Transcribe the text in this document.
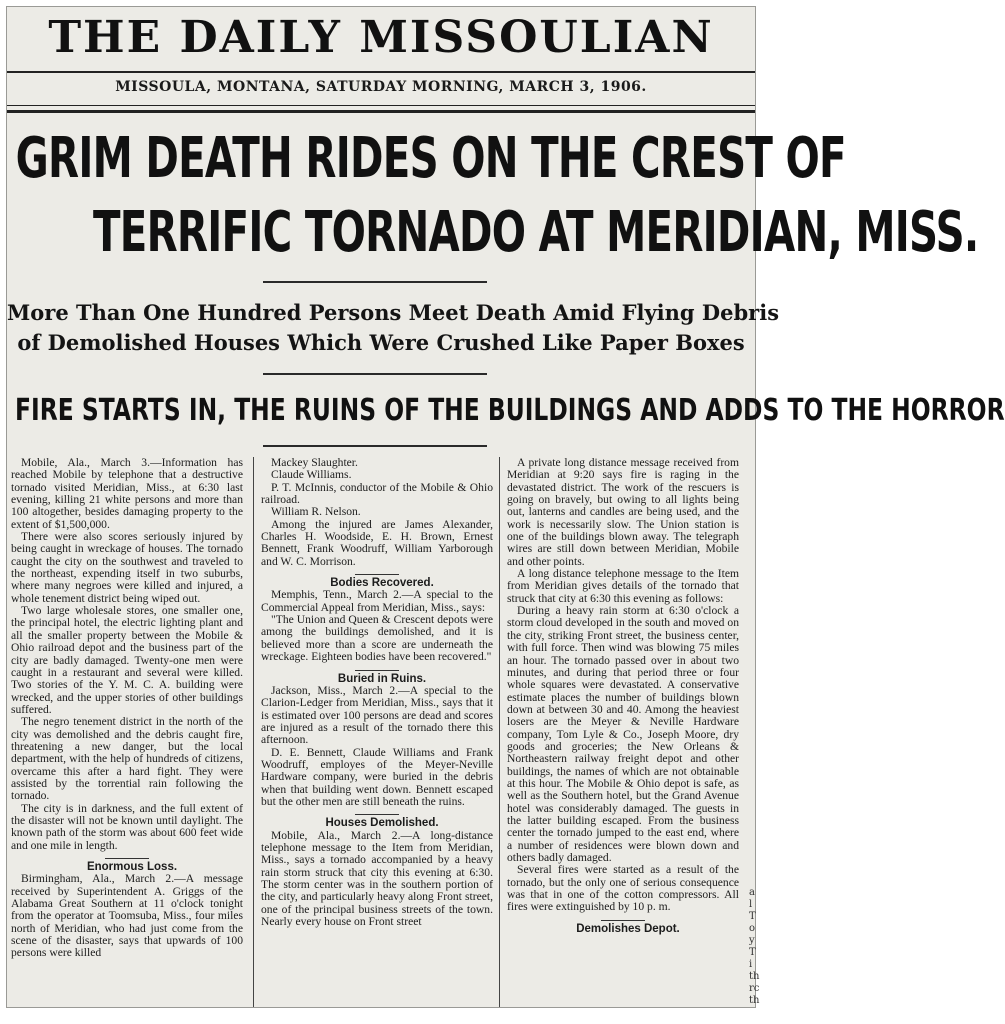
THE DAILY MISSOULIAN
MISSOULA, MONTANA, SATURDAY MORNING, MARCH 3, 1906.
GRIM DEATH RIDES ON THE CREST OF
TERRIFIC TORNADO AT MERIDIAN, MISS.
More Than One Hundred Persons Meet Death Amid Flying Debris
of Demolished Houses Which Were Crushed Like Paper Boxes
FIRE STARTS IN, THE RUINS OF THE BUILDINGS AND ADDS TO THE HORROR

Mobile, Ala., March 3.—Information has reached Mobile by telephone that a destructive tornado visited Meridian, Miss., at 6:30 last evening, killing 21 white persons and more than 100 altogether, besides damaging property to the extent of $1,500,000.

There were also scores seriously injured by being caught in wreckage of houses. The tornado caught the city on the southwest and traveled to the northeast, expending itself in two suburbs, where many negroes were killed and injured, a whole tenement district being wiped out.

Two large wholesale stores, one smaller one, the principal hotel, the electric lighting plant and all the smaller property between the Mobile & Ohio railroad depot and the business part of the city are badly damaged. Twenty-one men were caught in a restaurant and several were killed. Two stories of the Y. M. C. A. building were wrecked, and the upper stories of other buildings suffered.

The negro tenement district in the north of the city was demolished and the debris caught fire, threatening a new danger, but the local department, with the help of hundreds of citizens, overcame this after a hard fight. They were assisted by the torrential rain following the tornado.

The city is in darkness, and the full extent of the disaster will not be known until daylight. The known path of the storm was about 600 feet wide and one mile in length.

Enormous Loss.

Birmingham, Ala., March 2.—A message received by Superintendent A. Griggs of the Alabama Great Southern at 11 o'clock tonight from the operator at Toomsuba, Miss., four miles north of Meridian, who had just come from the scene of the disaster, says that upwards of 100 persons were killed

Mackey Slaughter.

Claude Williams.

P. T. McInnis, conductor of the Mobile & Ohio railroad.

William R. Nelson.

Among the injured are James Alexander, Charles H. Woodside, E. H. Brown, Ernest Bennett, Frank Woodruff, William Yarborough and W. C. Morrison.

Bodies Recovered.

Memphis, Tenn., March 2.—A special to the Commercial Appeal from Meridian, Miss., says:

"The Union and Queen & Crescent depots were among the buildings demolished, and it is believed more than a score are underneath the wreckage. Eighteen bodies have been recovered."

Buried in Ruins.

Jackson, Miss., March 2.—A special to the Clarion-Ledger from Meridian, Miss., says that it is estimated over 100 persons are dead and scores are injured as a result of the tornado there this afternoon.

D. E. Bennett, Claude Williams and Frank Woodruff, employes of the Meyer-Neville Hardware company, were buried in the debris when that building went down. Bennett escaped but the other men are still beneath the ruins.

Houses Demolished.

Mobile, Ala., March 2.—A long-distance telephone message to the Item from Meridian, Miss., says a tornado accompanied by a heavy rain storm struck that city this evening at 6:30. The storm center was in the southern portion of the city, and particularly heavy along Front street, one of the principal business streets of the town. Nearly every house on Front street

A private long distance message received from Meridian at 9:20 says fire is raging in the devastated district. The work of the rescuers is going on bravely, but owing to all lights being out, lanterns and candles are being used, and the work is necessarily slow. The Union station is one of the buildings blown away. The telegraph wires are still down between Meridian, Mobile and other points.

A long distance telephone message to the Item from Meridian gives details of the tornado that struck that city at 6:30 this evening as follows:

During a heavy rain storm at 6:30 o'clock a storm cloud developed in the south and moved on the city, striking Front street, the business center, with full force. Then wind was blowing 75 miles an hour. The tornado passed over in about two minutes, and during that period three or four whole squares were devastated. A conservative estimate places the number of buildings blown down at between 30 and 40. Among the heaviest losers are the Meyer & Neville Hardware company, Tom Lyle & Co., Joseph Moore, dry goods and groceries; the New Orleans & Northeastern railway freight depot and other buildings, the names of which are not obtainable at this hour. The Mobile & Ohio depot is safe, as well as the Southern hotel, but the Grand Avenue hotel was considerably damaged. The guests in the latter building escaped. From the business center the tornado jumped to the east end, where a number of residences were blown down and others badly damaged.

Several fires were started as a result of the tornado, but the only one of serious consequence was that in one of the cotton compressors. All fires were extinguished by 10 p. m.

Demolishes Depot.

a l T o y T i th rc th
